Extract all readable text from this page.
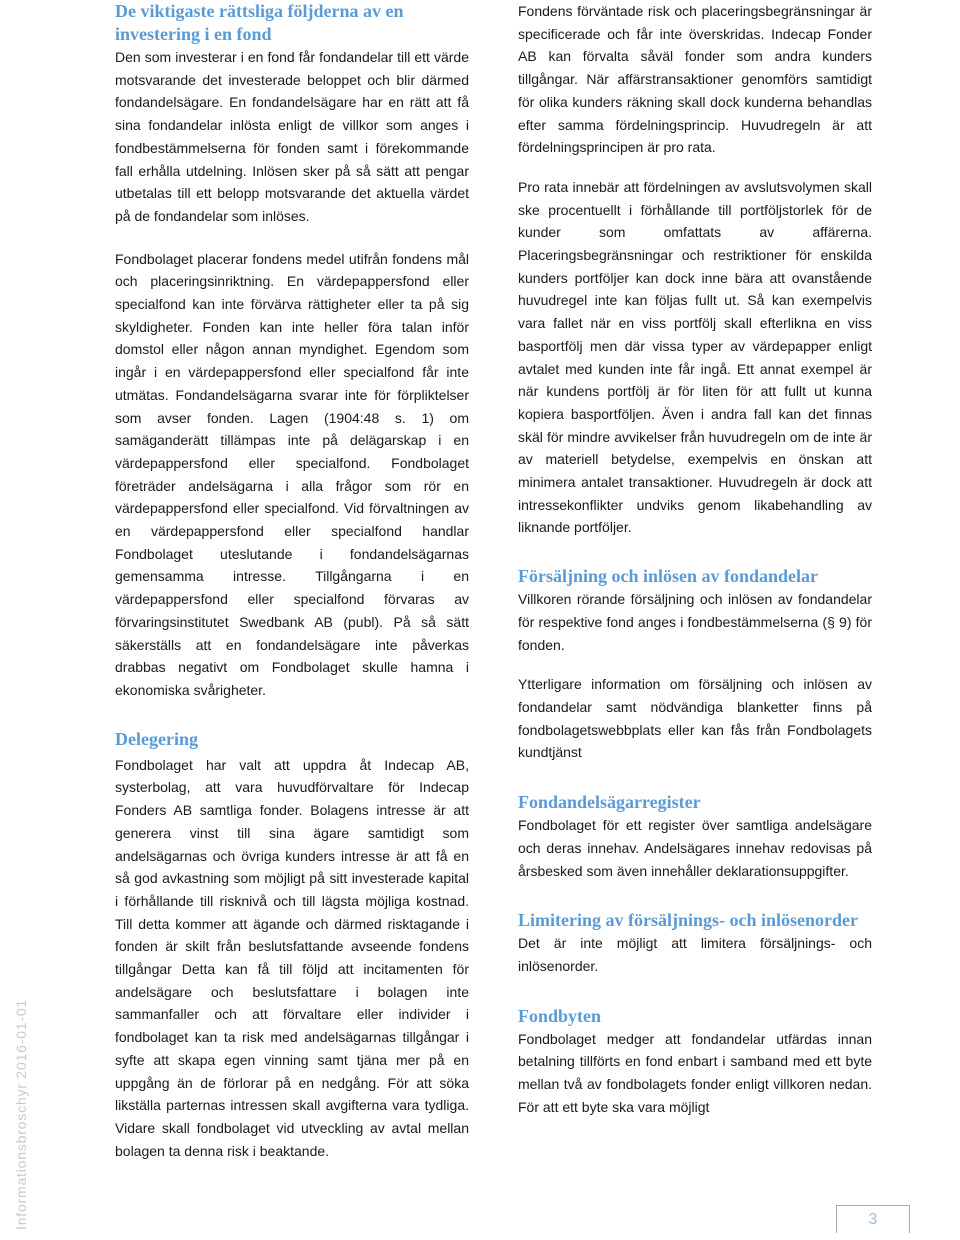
Informationsbroschyr 2016-01-01
De viktigaste rättsliga följderna av en investering i en fond

Den som investerar i en fond får fondandelar till ett värde motsvarande det investerade beloppet och blir därmed fondandelsägare. En fondandelsägare har en rätt att få sina fondandelar inlösta enligt de villkor som anges i fondbestämmelserna för fonden samt i förekommande fall erhålla utdelning. Inlösen sker på så sätt att pengar utbetalas till ett belopp motsvarande det aktuella värdet på de fondandelar som inlöses.

Fondbolaget placerar fondens medel utifrån fondens mål och placeringsinriktning. En värdepappersfond eller specialfond kan inte förvärva rättigheter eller ta på sig skyldigheter. Fonden kan inte heller föra talan inför domstol eller någon annan myndighet. Egendom som ingår i en värdepappersfond eller specialfond får inte utmätas. Fondandelsägarna svarar inte för förpliktelser som avser fonden. Lagen (1904:48 s. 1) om samäganderätt tillämpas inte på delägarskap i en värdepappersfond eller specialfond. Fondbolaget företräder andelsägarna i alla frågor som rör en värdepappersfond eller specialfond. Vid förvaltningen av en värdepappersfond eller specialfond handlar Fondbolaget uteslutande i fondandelsägarnas gemensamma intresse. Tillgångarna i en värdepappersfond eller specialfond förvaras av förvaringsinstitutet Swedbank AB (publ). På så sätt säkerställs att en fondandelsägare inte påverkas drabbas negativt om Fondbolaget skulle hamna i ekonomiska svårigheter.

Delegering

Fondbolaget har valt att uppdra åt Indecap AB, systerbolag, att vara huvudförvaltare för Indecap Fonders AB samtliga fonder. Bolagens intresse är att generera vinst till sina ägare samtidigt som andelsägarnas och övriga kunders intresse är att få en så god avkastning som möjligt på sitt investerade kapital i förhållande till risknivå och till lägsta möjliga kostnad. Till detta kommer att ägande och därmed risktagande i fonden är skilt från beslutsfattande avseende fondens tillgångar Detta kan få till följd att incitamenten för andelsägare och beslutsfattare i bolagen inte sammanfaller och att förvaltare eller individer i fondbolaget kan ta risk med andelsägarnas tillgångar i syfte att skapa egen vinning samt tjäna mer på en uppgång än de förlorar på en nedgång. För att söka likställa parternas intressen skall avgifterna vara tydliga. Vidare skall fondbolaget vid utveckling av avtal mellan bolagen ta denna risk i beaktande.

Fondens förväntade risk och placeringsbegränsningar är specificerade och får inte överskridas. Indecap Fonder AB kan förvalta såväl fonder som andra kunders tillgångar. När affärstransaktioner genomförs samtidigt för olika kunders räkning skall dock kunderna behandlas efter samma fördelningsprincip. Huvudregeln är att fördelningsprincipen är pro rata.

Pro rata innebär att fördelningen av avslutsvolymen skall ske procentuellt i förhållande till portföljstorlek för de kunder som omfattats av affärerna. Placeringsbegränsningar och restriktioner för enskilda kunders portföljer kan dock inne bära att ovanstående huvudregel inte kan följas fullt ut. Så kan exempelvis vara fallet när en viss portfölj skall efterlikna en viss basportfölj men där vissa typer av värdepapper enligt avtalet med kunden inte får ingå. Ett annat exempel är när kundens portfölj är för liten för att fullt ut kunna kopiera basportföljen. Även i andra fall kan det finnas skäl för mindre avvikelser från huvudregeln om de inte är av materiell betydelse, exempelvis en önskan att minimera antalet transaktioner. Huvudregeln är dock att intressekonflikter undviks genom likabehandling av liknande portföljer.

Försäljning och inlösen av fondandelar

Villkoren rörande försäljning och inlösen av fondandelar för respektive fond anges i fondbestämmelserna (§ 9) för fonden.

Ytterligare information om försäljning och inlösen av fondandelar samt nödvändiga blanketter finns på fondbolagetswebbplats eller kan fås från Fondbolagets kundtjänst

Fondandelsägarregister

Fondbolaget för ett register över samtliga andelsägare och deras innehav. Andelsägares innehav redovisas på årsbesked som även innehåller deklarationsuppgifter.

Limitering av försäljnings- och inlösenorder

Det är inte möjligt att limitera försäljnings- och inlösenorder.

Fondbyten

Fondbolaget medger att fondandelar utfärdas innan betalning tillförts en fond enbart i samband med ett byte mellan två av fondbolagets fonder enligt villkoren nedan. För att ett byte ska vara möjligt

3
